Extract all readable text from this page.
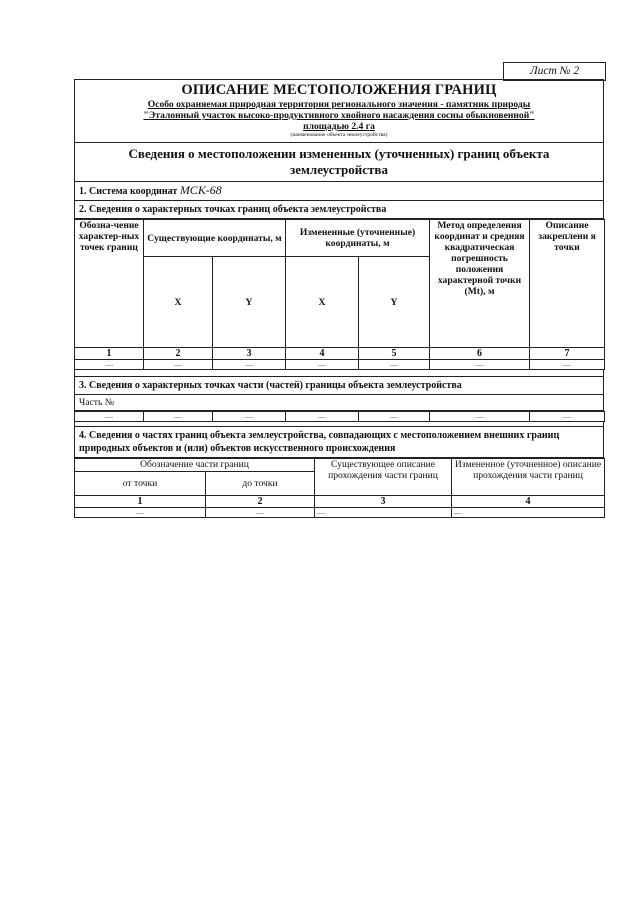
Лист № 2
ОПИСАНИЕ МЕСТОПОЛОЖЕНИЯ ГРАНИЦ
Особо охраняемая природная территория регионального значения - памятник природы
"Эталонный участок высоко-продуктивного хвойного насаждения сосны обыкновенной"
площадью 2.4 га
(наименование объекта землеустройства)
Сведения о местоположении измененных (уточненных) границ объекта землеустройства
1. Система координат МСК-68
2. Сведения о характерных точках границ объекта землеустройства
Обозна-чение характер-ных точек границ	Существующие координаты, м		Измененные (уточненные) координаты, м		Метод определения координат и средняя квадратическая погрешность положения характерной точки (Mt), м	Описание закреплени я точки
	X	Y	X	Y		
1	2	3	4	5	6	7
—	—	—	—	—	—	—
3. Сведения о характерных точках части (частей) границы объекта землеустройства
Часть №
—	—	—	—	—	—	—
4. Сведения о частях границ объекта землеустройства, совпадающих с местоположением внешних границ природных объектов и (или) объектов искусственного происхождения
Обозначение части границ		Существующее описание прохождения части границ	Измененное (уточненное) описание прохождения части границ
от точки	до точки		
1	2	3	4
—	—	—	—
